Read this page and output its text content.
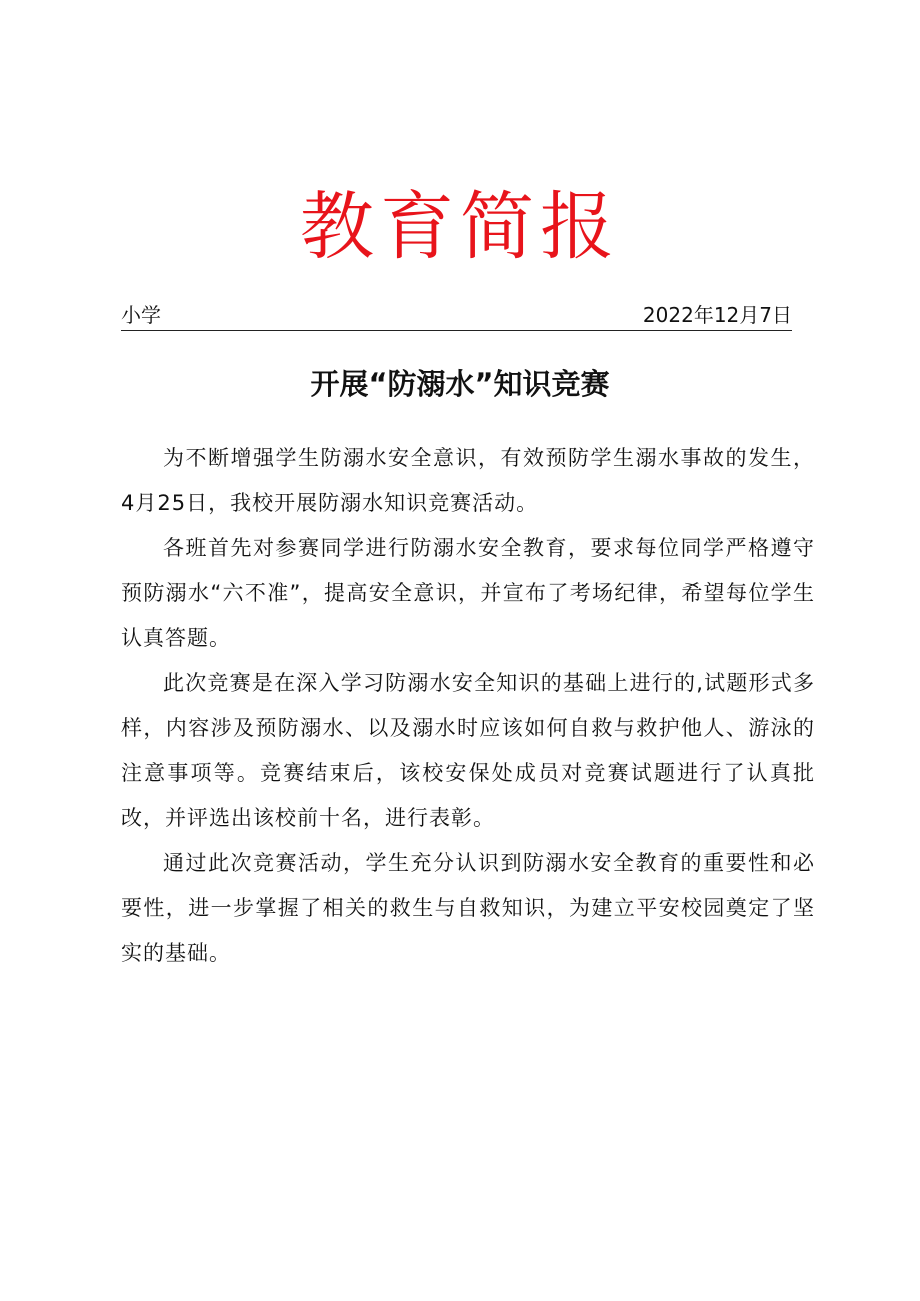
教育简报
小学	2022年12月7日
开展“防溺水”知识竞赛

为不断增强学生防溺水安全意识，有效预防学生溺水事故的发生，4月25日，我校开展防溺水知识竞赛活动。

各班首先对参赛同学进行防溺水安全教育，要求每位同学严格遵守预防溺水“六不准”，提高安全意识，并宣布了考场纪律，希望每位学生认真答题。

此次竞赛是在深入学习防溺水安全知识的基础上进行的,试题形式多样，内容涉及预防溺水、以及溺水时应该如何自救与救护他人、游泳的注意事项等。竞赛结束后，该校安保处成员对竞赛试题进行了认真批改，并评选出该校前十名，进行表彰。

通过此次竞赛活动，学生充分认识到防溺水安全教育的重要性和必要性，进一步掌握了相关的救生与自救知识，为建立平安校园奠定了坚实的基础。
